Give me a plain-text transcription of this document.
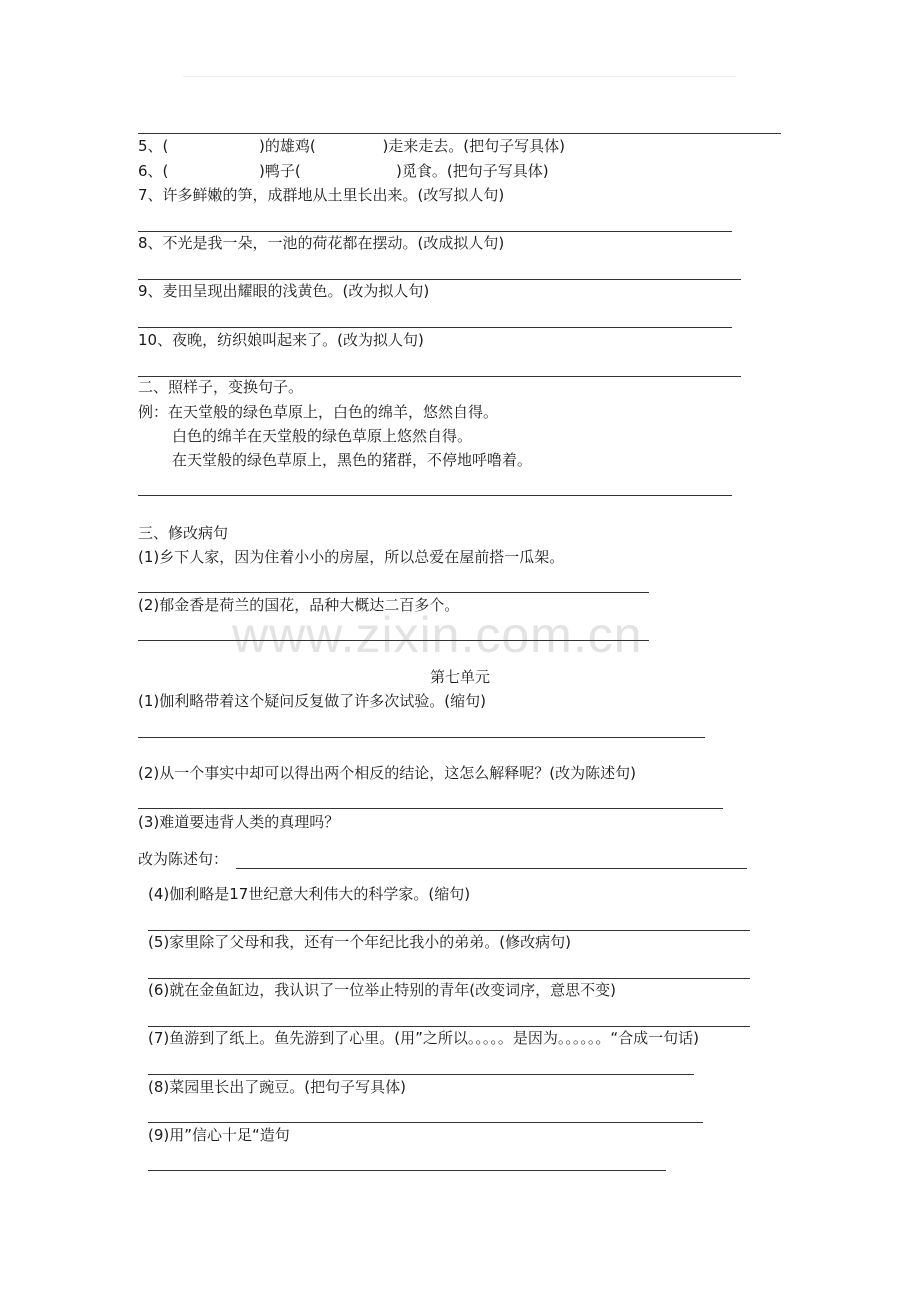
www.zixin.com.cn
5、(                   )的雄鸡(              )走来走去。(把句子写具体)
6、(                   )鸭子(                    )觅食。(把句子写具体)
7、许多鲜嫩的笋，成群地从土里长出来。(改写拟人句)
8、不光是我一朵，一池的荷花都在摆动。(改成拟人句)
9、麦田呈现出耀眼的浅黄色。(改为拟人句)
10、夜晚，纺织娘叫起来了。(改为拟人句)
二、照样子，变换句子。
例：在天堂般的绿色草原上，白色的绵羊，悠然自得。
白色的绵羊在天堂般的绿色草原上悠然自得。
在天堂般的绿色草原上，黑色的猪群，不停地呼噜着。
三、修改病句
(1)乡下人家，因为住着小小的房屋，所以总爱在屋前搭一瓜架。
(2)郁金香是荷兰的国花，品种大概达二百多个。
第七单元
(1)伽利略带着这个疑问反复做了许多次试验。(缩句)
(2)从一个事实中却可以得出两个相反的结论，这怎么解释呢？(改为陈述句)
(3)难道要违背人类的真理吗？
改为陈述句：
(4)伽利略是17世纪意大利伟大的科学家。(缩句)
(5)家里除了父母和我，还有一个年纪比我小的弟弟。(修改病句)
(6)就在金鱼缸边，我认识了一位举止特别的青年(改变词序，意思不变)
(7)鱼游到了纸上。鱼先游到了心里。(用”之所以。。。。。是因为。。。。。。“合成一句话)
(8)菜园里长出了豌豆。(把句子写具体)
(9)用”信心十足“造句
